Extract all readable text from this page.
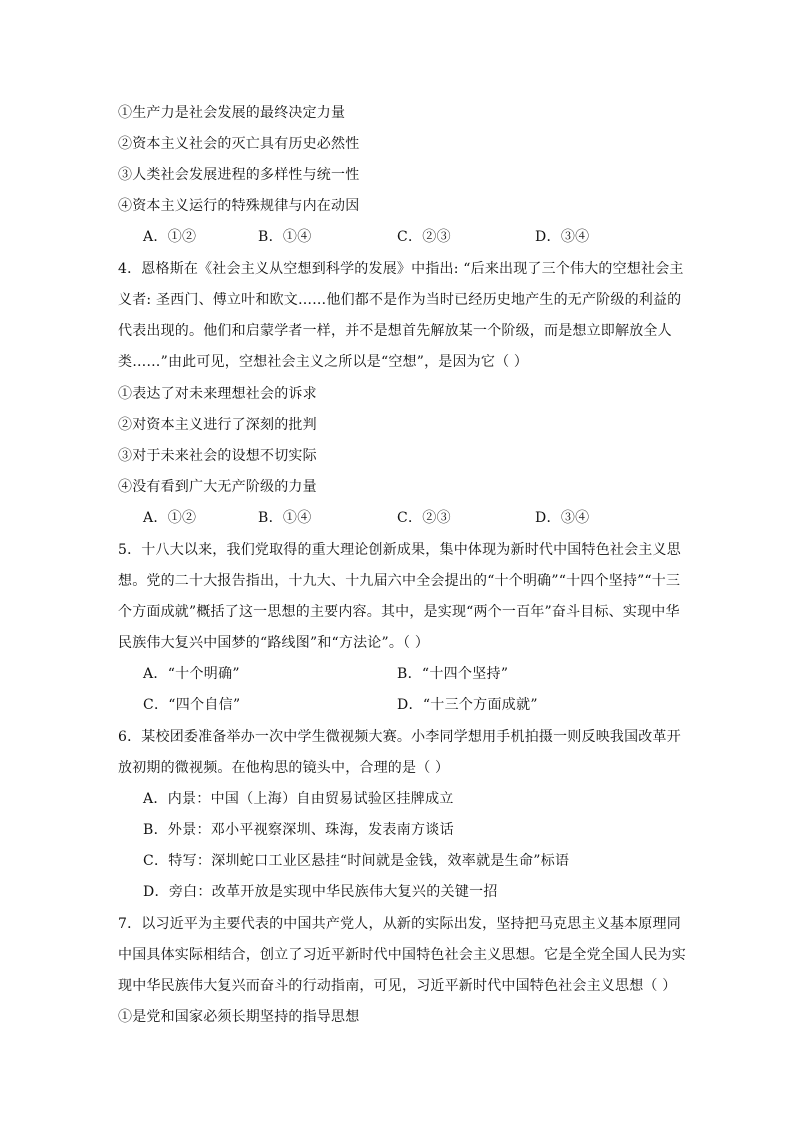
①生产力是社会发展的最终决定力量
②资本主义社会的灭亡具有历史必然性
③人类社会发展进程的多样性与统一性
④资本主义运行的特殊规律与内在动因
A．①②	B．①④	C．②③	D．③④
4．恩格斯在《社会主义从空想到科学的发展》中指出: “后来出现了三个伟大的空想社会主
义者: 圣西门、傅立叶和欧文……他们都不是作为当时已经历史地产生的无产阶级的利益的
代表出现的。他们和启蒙学者一样，并不是想首先解放某一个阶级，而是想立即解放全人
类……”由此可见，空想社会主义之所以是“空想”，是因为它（ ）
①表达了对未来理想社会的诉求
②对资本主义进行了深刻的批判
③对于未来社会的设想不切实际
④没有看到广大无产阶级的力量
A．①②	B．①④	C．②③	D．③④
5．十八大以来，我们党取得的重大理论创新成果，集中体现为新时代中国特色社会主义思
想。党的二十大报告指出，十九大、十九届六中全会提出的“十个明确”“十四个坚持”“十三
个方面成就”概括了这一思想的主要内容。其中，是实现“两个一百年”奋斗目标、实现中华
民族伟大复兴中国梦的“路线图”和“方法论”。（ ）
A．“十个明确”	B．“十四个坚持”
C．“四个自信”	D．“十三个方面成就”
6．某校团委准备举办一次中学生微视频大赛。小李同学想用手机拍摄一则反映我国改革开
放初期的微视频。在他构思的镜头中，合理的是（ ）
A．内景：中国（上海）自由贸易试验区挂牌成立
B．外景：邓小平视察深圳、珠海，发表南方谈话
C．特写：深圳蛇口工业区悬挂“时间就是金钱，效率就是生命”标语
D．旁白：改革开放是实现中华民族伟大复兴的关键一招
7．以习近平为主要代表的中国共产党人，从新的实际出发，坚持把马克思主义基本原理同
中国具体实际相结合，创立了习近平新时代中国特色社会主义思想。它是全党全国人民为实
现中华民族伟大复兴而奋斗的行动指南，可见，习近平新时代中国特色社会主义思想（ ）
①是党和国家必须长期坚持的指导思想
